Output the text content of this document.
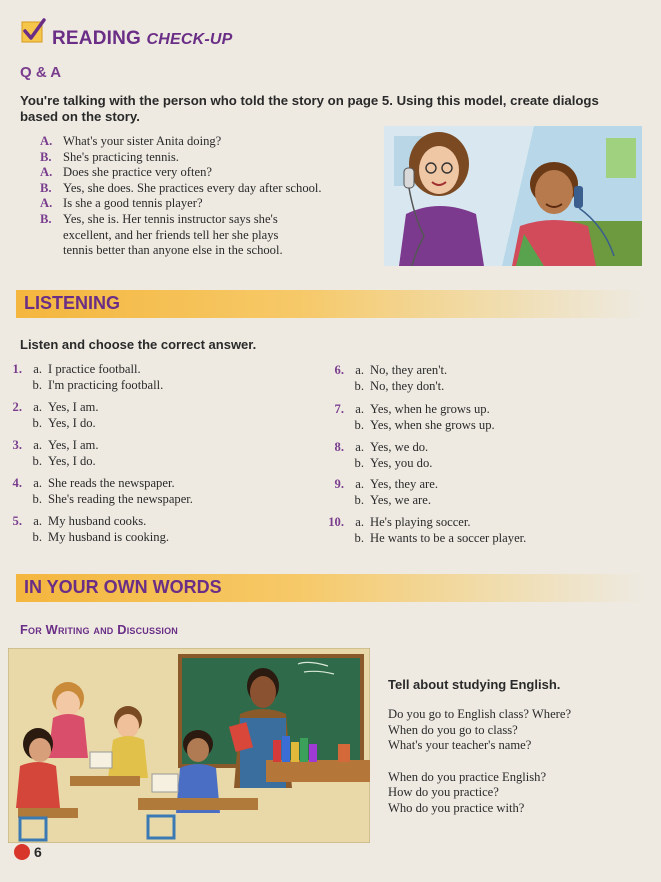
READING CHECK-UP
Q & A
You're talking with the person who told the story on page 5. Using this model, create dialogs based on the story.
A. What's your sister Anita doing?
B. She's practicing tennis.
A. Does she practice very often?
B. Yes, she does. She practices every day after school.
A. Is she a good tennis player?
B. Yes, she is. Her tennis instructor says she's
excellent, and her friends tell her she plays
tennis better than anyone else in the school.
LISTENING
Listen and choose the correct answer.
1. a. I practice football.
b. I'm practicing football.
2. a. Yes, I am.
b. Yes, I do.
3. a. Yes, I am.
b. Yes, I do.
4. a. She reads the newspaper.
b. She's reading the newspaper.
5. a. My husband cooks.
b. My husband is cooking.
6. a. No, they aren't.
b. No, they don't.
7. a. Yes, when he grows up.
b. Yes, when she grows up.
8. a. Yes, we do.
b. Yes, you do.
9. a. Yes, they are.
b. Yes, we are.
10. a. He's playing soccer.
b. He wants to be a soccer player.
IN YOUR OWN WORDS
For Writing and Discussion
Tell about studying English.
Do you go to English class? Where?
When do you go to class?
What's your teacher's name?
When do you practice English?
How do you practice?
Who do you practice with?
6
